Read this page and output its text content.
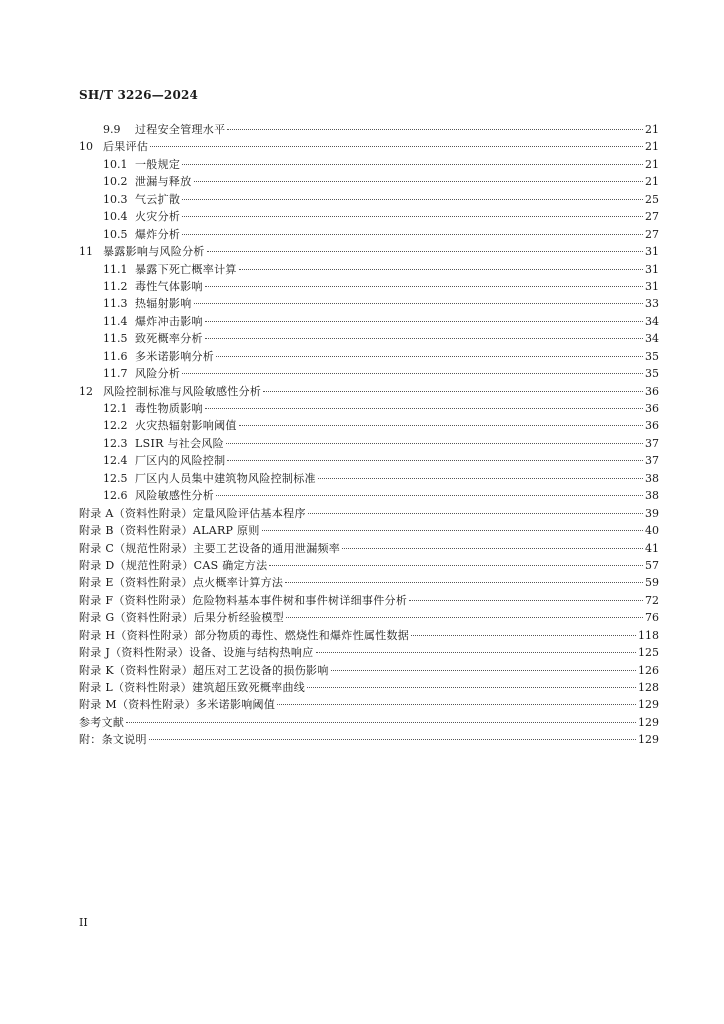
SH/T 3226—2024
9.9	过程安全管理水平	21
10 后果评估	21
10.1 一般规定	21
10.2 泄漏与释放	21
10.3 气云扩散	25
10.4 火灾分析	27
10.5 爆炸分析	27
11 暴露影响与风险分析	31
11.1 暴露下死亡概率计算	31
11.2 毒性气体影响	31
11.3 热辐射影响	33
11.4 爆炸冲击影响	34
11.5 致死概率分析	34
11.6 多米诺影响分析	35
11.7 风险分析	35
12 风险控制标准与风险敏感性分析	36
12.1 毒性物质影响	36
12.2 火灾热辐射影响阈值	36
12.3 LSIR 与社会风险	37
12.4 厂区内的风险控制	37
12.5 厂区内人员集中建筑物风险控制标准	38
12.6 风险敏感性分析	38
附录 A（资料性附录）定量风险评估基本程序	39
附录 B（资料性附录）ALARP 原则	40
附录 C（规范性附录）主要工艺设备的通用泄漏频率	41
附录 D（规范性附录）CAS 确定方法	57
附录 E（资料性附录）点火概率计算方法	59
附录 F（资料性附录）危险物料基本事件树和事件树详细事件分析	72
附录 G（资料性附录）后果分析经验模型	76
附录 H（资料性附录）部分物质的毒性、燃烧性和爆炸性属性数据	118
附录 J（资料性附录）设备、设施与结构热响应	125
附录 K（资料性附录）超压对工艺设备的损伤影响	126
附录 L（资料性附录）建筑超压致死概率曲线	128
附录 M（资料性附录）多米诺影响阈值	129
参考文献	129
附：条文说明	129
II
